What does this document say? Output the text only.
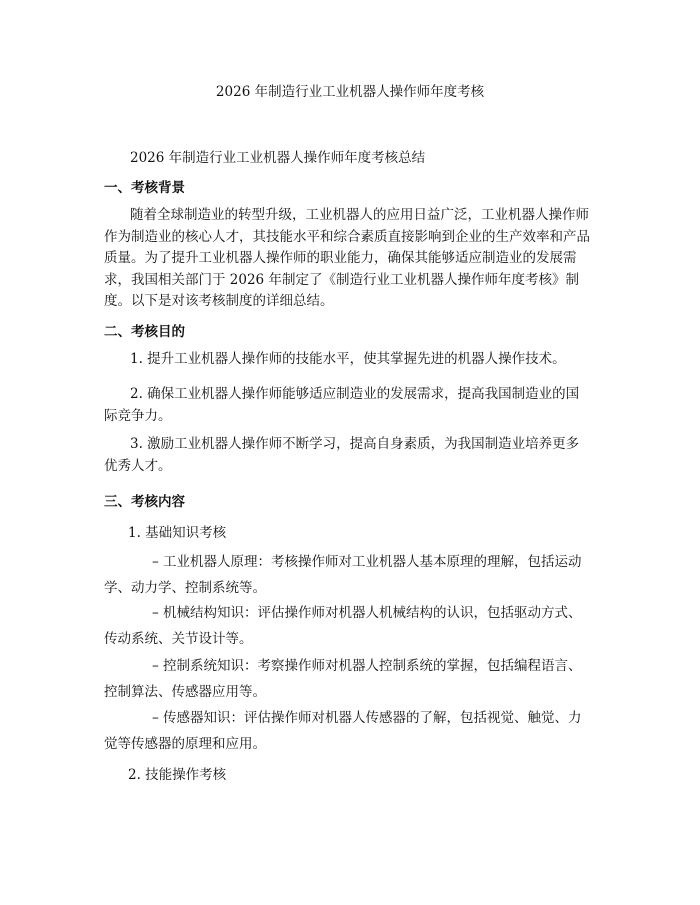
2026 年制造行业工业机器人操作师年度考核
2026 年制造行业工业机器人操作师年度考核总结
一、考核背景
随着全球制造业的转型升级，工业机器人的应用日益广泛，工业机器人操作师
作为制造业的核心人才，其技能水平和综合素质直接影响到企业的生产效率和产品
质量。为了提升工业机器人操作师的职业能力，确保其能够适应制造业的发展需
求，我国相关部门于 2026 年制定了《制造行业工业机器人操作师年度考核》制
度。以下是对该考核制度的详细总结。
二、考核目的
1. 提升工业机器人操作师的技能水平，使其掌握先进的机器人操作技术。
2. 确保工业机器人操作师能够适应制造业的发展需求，提高我国制造业的国
际竞争力。
3. 激励工业机器人操作师不断学习，提高自身素质，为我国制造业培养更多
优秀人才。
三、考核内容
1. 基础知识考核
– 工业机器人原理：考核操作师对工业机器人基本原理的理解，包括运动
学、动力学、控制系统等。
– 机械结构知识：评估操作师对机器人机械结构的认识，包括驱动方式、
传动系统、关节设计等。
– 控制系统知识：考察操作师对机器人控制系统的掌握，包括编程语言、
控制算法、传感器应用等。
– 传感器知识：评估操作师对机器人传感器的了解，包括视觉、触觉、力
觉等传感器的原理和应用。
2. 技能操作考核
